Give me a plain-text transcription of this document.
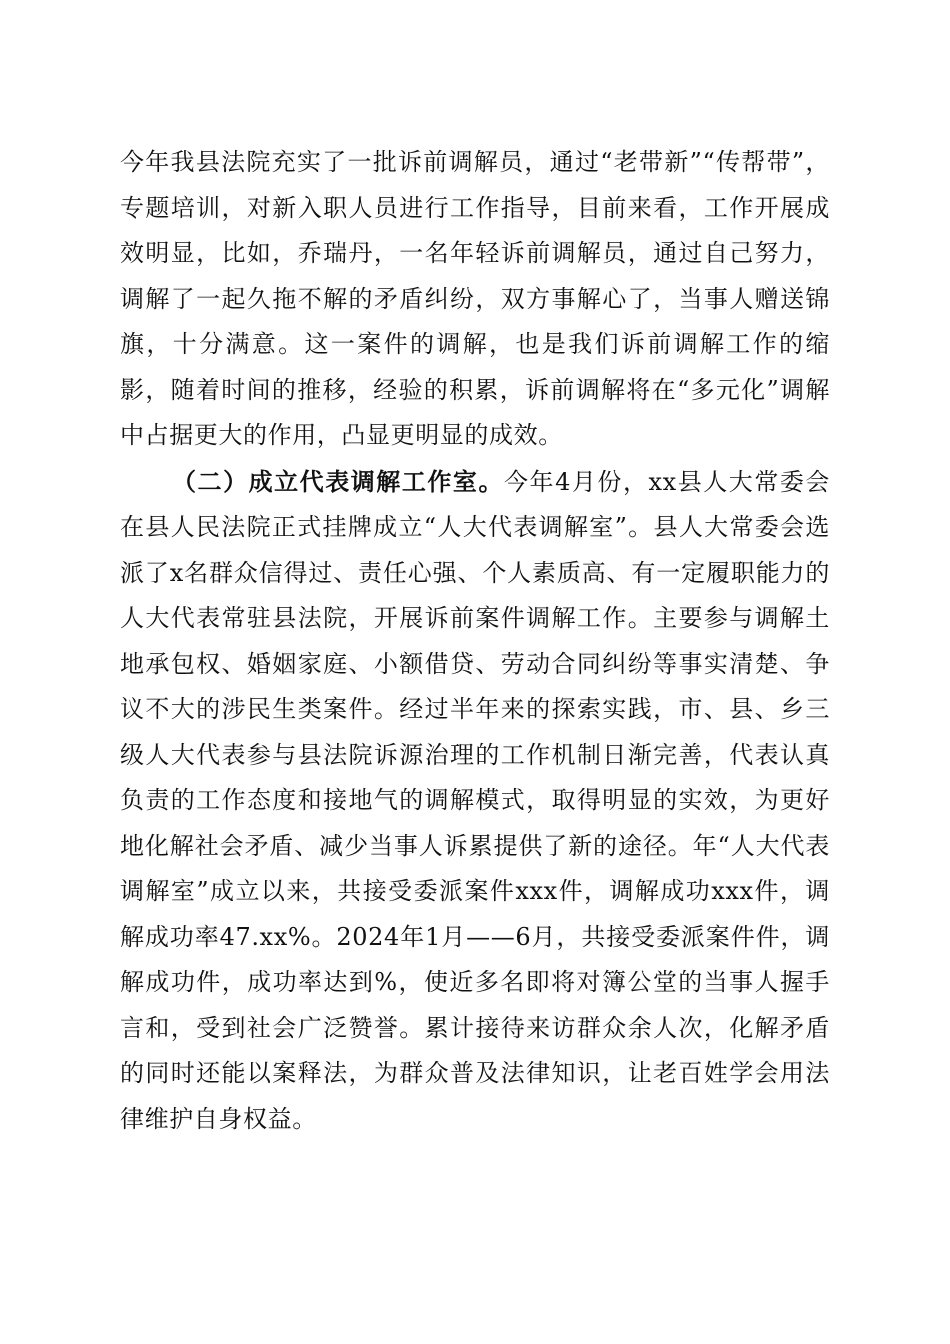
今年我县法院充实了一批诉前调解员，通过“老带新”“传帮带”，专题培训，对新入职人员进行工作指导，目前来看，工作开展成效明显，比如，乔瑞丹，一名年轻诉前调解员，通过自己努力，调解了一起久拖不解的矛盾纠纷，双方事解心了，当事人赠送锦旗，十分满意。这一案件的调解，也是我们诉前调解工作的缩影，随着时间的推移，经验的积累，诉前调解将在“多元化”调解中占据更大的作用，凸显更明显的成效。

（二）成立代表调解工作室。今年4月份，xx县人大常委会在县人民法院正式挂牌成立“人大代表调解室”。县人大常委会选派了x名群众信得过、责任心强、个人素质高、有一定履职能力的人大代表常驻县法院，开展诉前案件调解工作。主要参与调解土地承包权、婚姻家庭、小额借贷、劳动合同纠纷等事实清楚、争议不大的涉民生类案件。经过半年来的探索实践，市、县、乡三级人大代表参与县法院诉源治理的工作机制日渐完善，代表认真负责的工作态度和接地气的调解模式，取得明显的实效，为更好地化解社会矛盾、减少当事人诉累提供了新的途径。年“人大代表调解室”成立以来，共接受委派案件xxx件，调解成功xxx件，调解成功率47.xx%。2024年1月——6月，共接受委派案件件，调解成功件，成功率达到%，使近多名即将对簿公堂的当事人握手言和，受到社会广泛赞誉。累计接待来访群众余人次，化解矛盾的同时还能以案释法，为群众普及法律知识，让老百姓学会用法律维护自身权益。
